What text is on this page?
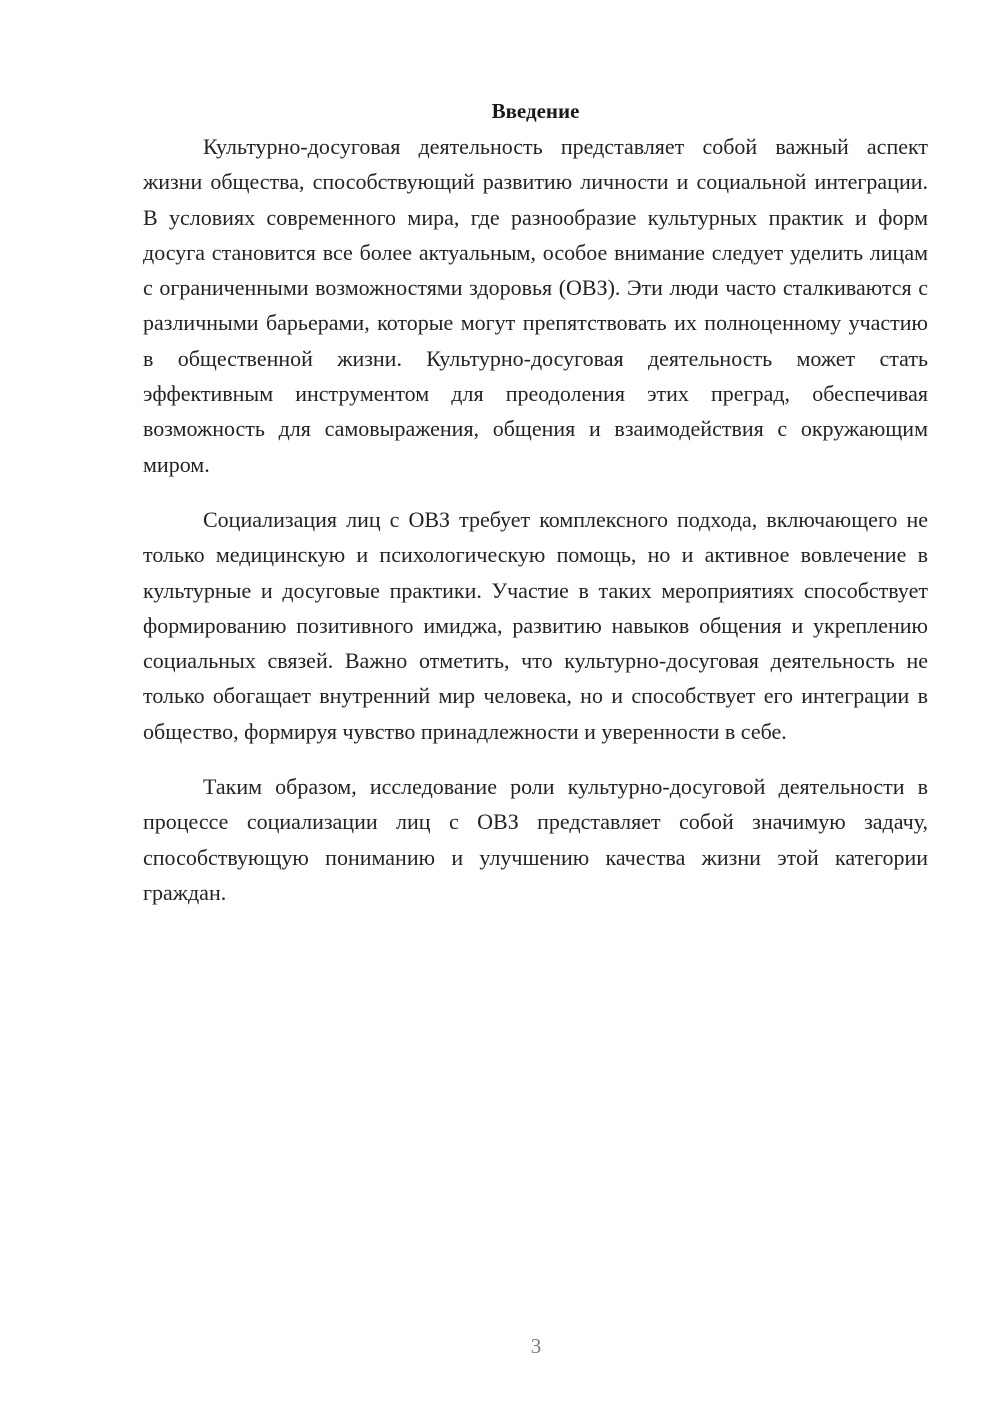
Введение

Культурно-досуговая деятельность представляет собой важный аспект жизни общества, способствующий развитию личности и социальной интеграции. В условиях современного мира, где разнообразие культурных практик и форм досуга становится все более актуальным, особое внимание следует уделить лицам с ограниченными возможностями здоровья (ОВЗ). Эти люди часто сталкиваются с различными барьерами, которые могут препятствовать их полноценному участию в общественной жизни. Культурно-досуговая деятельность может стать эффективным инструментом для преодоления этих преград, обеспечивая возможность для самовыражения, общения и взаимодействия с окружающим миром.

Социализация лиц с ОВЗ требует комплексного подхода, включающего не только медицинскую и психологическую помощь, но и активное вовлечение в культурные и досуговые практики. Участие в таких мероприятиях способствует формированию позитивного имиджа, развитию навыков общения и укреплению социальных связей. Важно отметить, что культурно-досуговая деятельность не только обогащает внутренний мир человека, но и способствует его интеграции в общество, формируя чувство принадлежности и уверенности в себе.

Таким образом, исследование роли культурно-досуговой деятельности в процессе социализации лиц с ОВЗ представляет собой значимую задачу, способствующую пониманию и улучшению качества жизни этой категории граждан.

3
